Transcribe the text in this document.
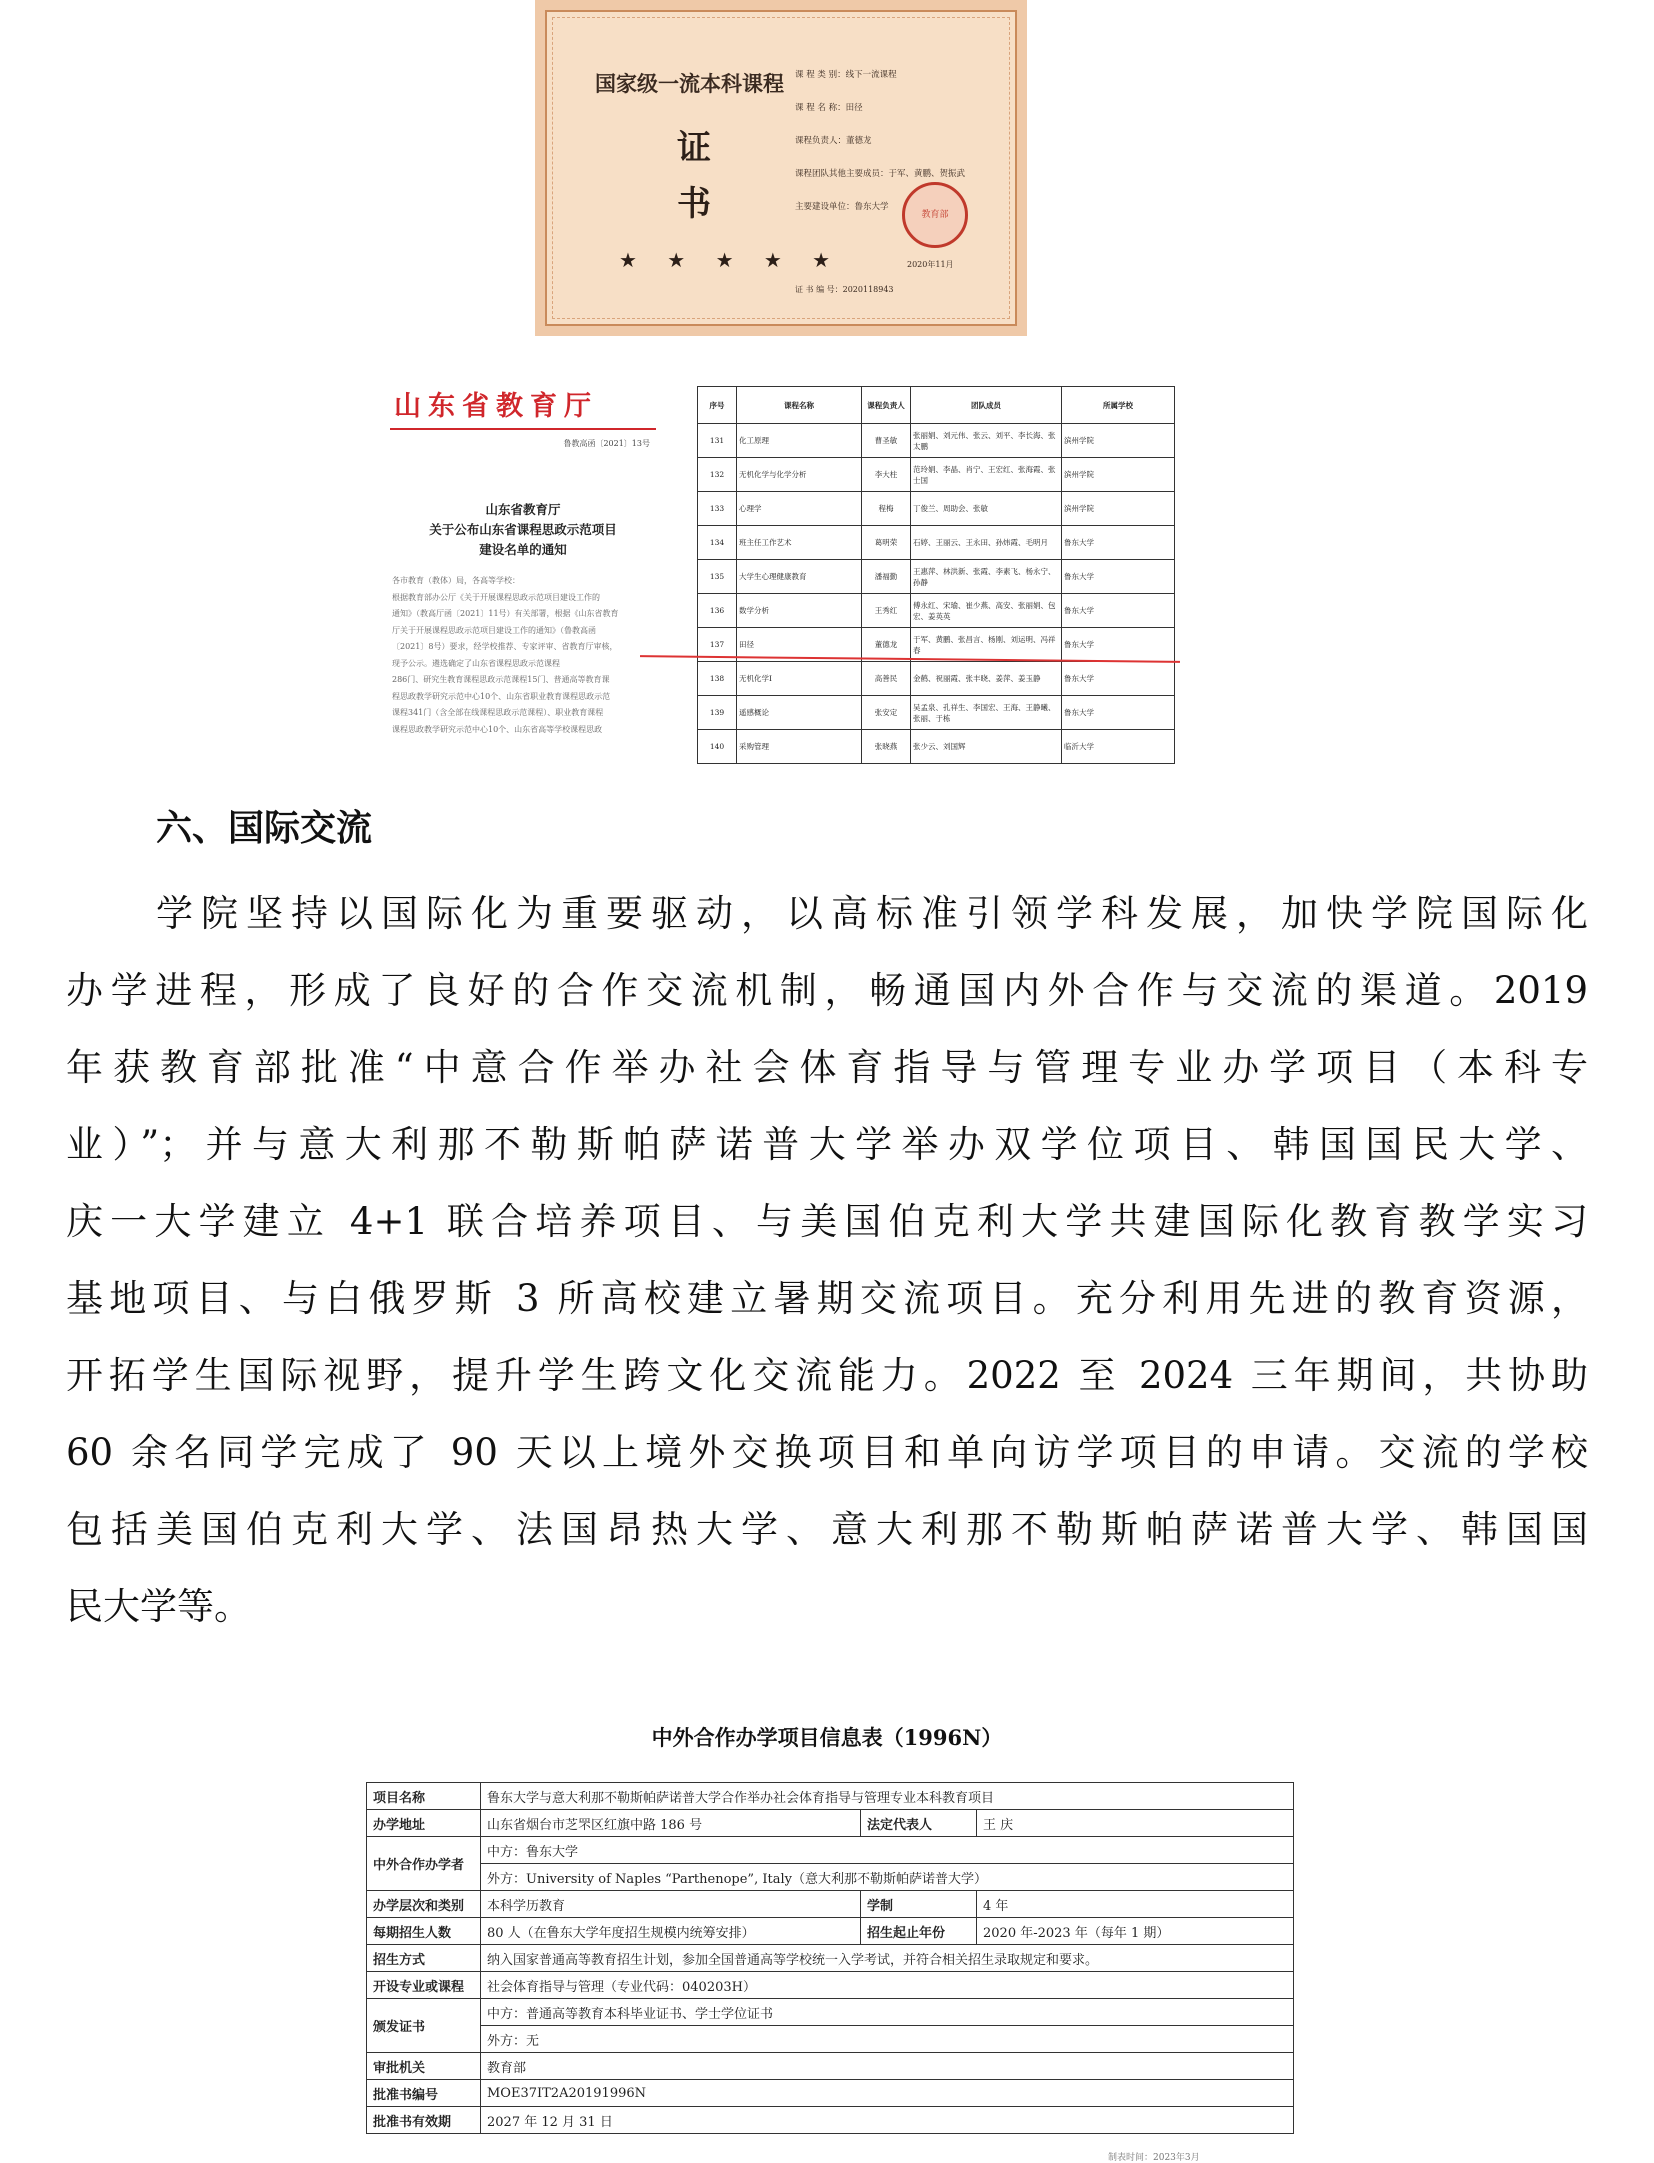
国家级一流本科课程
证
书
★ ★ ★ ★ ★
课 程 类 别：线下一流课程
课 程 名 称：田径
课程负责人：董德龙
课程团队其他主要成员：于军、黄鹏、贺振武
主要建设单位：鲁东大学
教育部
2020年11月
证 书 编 号：2020118943
山东省教育厅
鲁教高函〔2021〕13号
山东省教育厅
关于公布山东省课程思政示范项目
建设名单的通知
各市教育（教体）局，各高等学校：
根据教育部办公厅《关于开展课程思政示范项目建设工作的
通知》（教高厅函〔2021〕11号）有关部署，根据《山东省教育
厅关于开展课程思政示范项目建设工作的通知》（鲁教高函
〔2021〕8号）要求，经学校推荐、专家评审、省教育厅审核，
现予公示。遴选确定了山东省课程思政示范课程
286门、研究生教育课程思政示范课程15门、普通高等教育课
程思政教学研究示范中心10个、山东省职业教育课程思政示范
课程341门（含全部在线课程思政示范课程）、职业教育课程
课程思政教学研究示范中心10个、山东省高等学校课程思政
序号	课程名称	课程负责人	团队成员	所属学校
131	化工原理	曹圣敏	张丽娟、刘元伟、张云、刘平、李长海、张太鹏	滨州学院
132	无机化学与化学分析	李大柱	范玲娟、李晶、肖宁、王宏红、张海霞、张士国	滨州学院
133	心理学	程梅	丁俊兰、周助会、张敏	滨州学院
134	班主任工作艺术	葛明荣	石婷、王丽云、王永田、孙炜霞、毛明月	鲁东大学
135	大学生心理健康教育	潘福勤	王惠萍、林洪新、张霞、李素飞、杨永宁、孙静	鲁东大学
136	数学分析	王秀红	傅永红、宋瑜、崔少燕、高安、张丽娟、包宏、姜英英	鲁东大学
137	田径	董德龙	于军、黄鹏、张昌言、杨刚、刘运明、冯祥春	鲁东大学
138	无机化学Ⅰ	高善民	金鹤、祝丽霞、张丰晓、姜萍、姜玉静	鲁东大学
139	遥感概论	张安定	吴孟泉、孔祥生、李国宏、王海、王静曦、张丽、于栋	鲁东大学
140	采购管理	张晓燕	张少云、刘国辉	临沂大学
六、国际交流
学院坚持以国际化为重要驱动，以高标准引领学科发展，加快学院国际化
办学进程，形成了良好的合作交流机制，畅通国内外合作与交流的渠道。2019
年获教育部批准“中意合作举办社会体育指导与管理专业办学项目（本科专
业）”；并与意大利那不勒斯帕萨诺普大学举办双学位项目、韩国国民大学、
庆一大学建立 4+1 联合培养项目、与美国伯克利大学共建国际化教育教学实习
基地项目、与白俄罗斯 3 所高校建立暑期交流项目。充分利用先进的教育资源，
开拓学生国际视野，提升学生跨文化交流能力。2022 至 2024 三年期间，共协助
60 余名同学完成了 90 天以上境外交换项目和单向访学项目的申请。交流的学校
包括美国伯克利大学、法国昂热大学、意大利那不勒斯帕萨诺普大学、韩国国
民大学等。
中外合作办学项目信息表（1996N）
项目名称	鲁东大学与意大利那不勒斯帕萨诺普大学合作举办社会体育指导与管理专业本科教育项目		
办学地址	山东省烟台市芝罘区红旗中路 186 号	法定代表人	王 庆
中外合作办学者	中方：鲁东大学		
	外方：University of Naples “Parthenope”, Italy（意大利那不勒斯帕萨诺普大学）		
办学层次和类别	本科学历教育	学制	4 年
每期招生人数	80 人（在鲁东大学年度招生规模内统筹安排）	招生起止年份	2020 年-2023 年（每年 1 期）
招生方式	纳入国家普通高等教育招生计划，参加全国普通高等学校统一入学考试，并符合相关招生录取规定和要求。		
开设专业或课程	社会体育指导与管理（专业代码：040203H）		
颁发证书	中方：普通高等教育本科毕业证书、学士学位证书		
	外方：无		
审批机关	教育部		
批准书编号	MOE37IT2A20191996N		
批准书有效期	2027 年 12 月 31 日		
制表时间：2023年3月
